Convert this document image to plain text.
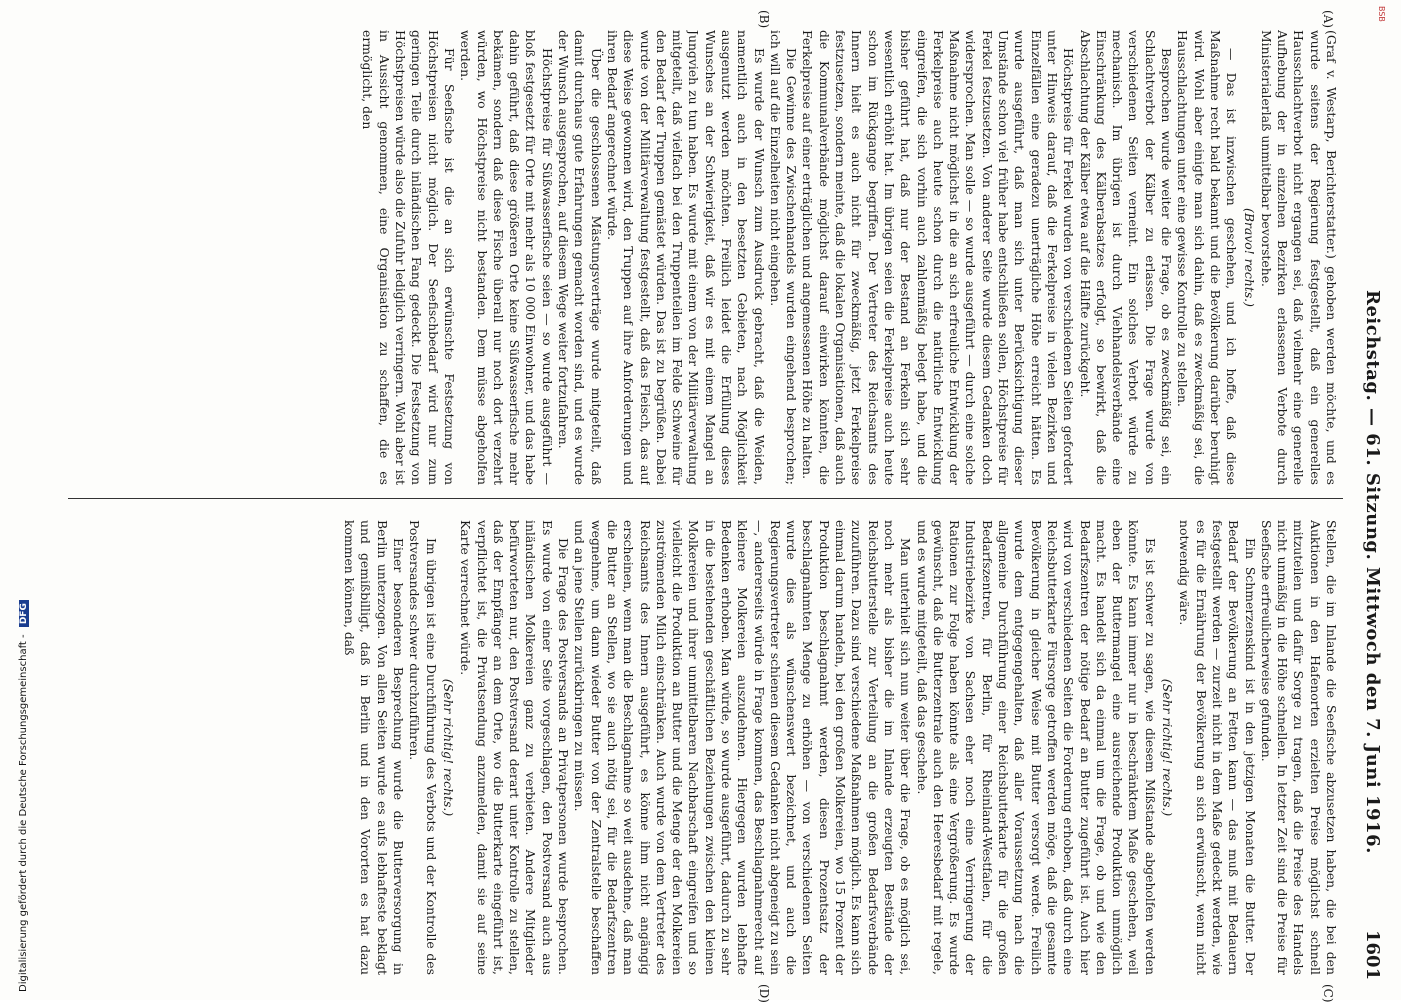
Reichstag. — 61. Sitzung. Mittwoch den 7. Juni 1916.
1601
(A)
(B)
(C)
(D)

(Graf v. Westarp, Berichterstatter.) gehoben werden möchte, und es wurde seitens der Regierung festgestellt, daß ein generelles Hausschlachtverbot nicht ergangen sei, daß vielmehr eine generelle Aufhebung der in einzelnen Bezirken erlassenen Verbote durch Ministerialerlaß unmittelbar bevorstehe.

(Bravo! rechts.)

— Das ist inzwischen geschehen, und ich hoffe, daß diese Maßnahme recht bald bekannt und die Bevölkerung darüber beruhigt wird. Wohl aber einigte man sich dahin, daß es zweckmäßig sei, die Hausschlachtungen unter eine gewisse Kontrolle zu stellen.

Besprochen wurde weiter die Frage, ob es zweckmäßig sei, ein Schlachtverbot der Kälber zu erlassen. Die Frage wurde von verschiedenen Seiten verneint. Ein solches Verbot würde zu mechanisch. Im übrigen ist durch Viehhandelsverbände eine Einschränkung des Kälberabsatzes erfolgt, so bewirkt, daß die Abschlachtung der Kälber etwa auf die Hälfte zurückgeht.

Höchstpreise für Ferkel wurden von verschiedenen Seiten gefordert unter Hinweis darauf, daß die Ferkelpreise in vielen Bezirken und Einzelfällen eine geradezu unerträgliche Höhe erreicht hätten. Es wurde ausgeführt, daß man sich unter Berücksichtigung dieser Umstände schon viel früher habe entschließen sollen, Höchstpreise für Ferkel festzusetzen. Von anderer Seite wurde diesem Gedanken doch widersprochen. Man solle — so wurde ausgeführt — durch eine solche Maßnahme nicht möglichst in die an sich erfreuliche Entwicklung der Ferkelpreise auch heute schon durch die natürliche Entwicklung eingreifen, die sich vorhin auch zahlenmäßig belegt habe, und die bisher geführt hat, daß nur der Bestand an Ferkeln sich sehr wesentlich erhöht hat. Im übrigen seien die Ferkelpreise auch heute schon im Rückgange begriffen. Der Vertreter des Reichsamts des Innern hielt es auch nicht für zweckmäßig, jetzt Ferkelpreise festzusetzen, sondern meinte, daß die lokalen Organisationen, daß auch die Kommunalverbände möglichst darauf einwirken könnten, die Ferkelpreise auf einer erträglichen und angemessenen Höhe zu halten.

Die Gewinne des Zwischenhandels wurden eingehend besprochen; ich will auf die Einzelheiten nicht eingehen.

Es wurde der Wunsch zum Ausdruck gebracht, daß die Weiden, namentlich auch in den besetzten Gebieten, nach Möglichkeit ausgenutzt werden möchten. Freilich leidet die Erfüllung dieses Wunsches an der Schwierigkeit, daß wir es mit einem Mangel an Jungvieh zu tun haben. Es wurde mit einem von der Militärverwaltung mitgeteilt, daß vielfach bei den Truppenteilen im Felde Schweine für den Bedarf der Truppen gemästet würden. Das ist zu begrüßen. Dabei wurde von der Militärverwaltung festgestellt, daß das Fleisch, das auf diese Weise gewonnen wird, den Truppen auf ihre Anforderungen und ihren Bedarf angerechnet würde.

Über die geschlossenen Mästungsverträge wurde mitgeteilt, daß damit durchaus gute Erfahrungen gemacht worden sind, und es wurde der Wunsch ausgesprochen, auf diesem Wege weiter fortzufahren.

Höchstpreise für Süßwasserfische seien — so wurde ausgeführt — bloß festgesetzt für Orte mit mehr als 10 000 Einwohner, und das habe dahin geführt, daß diese größeren Orte keine Süßwasserfische mehr bekämen, sondern daß diese Fische überall nur noch dort verzehrt würden, wo Höchstpreise nicht bestanden. Dem müsse abgeholfen werden.

Für Seefische ist die an sich erwünschte Festsetzung von Höchstpreisen nicht möglich. Der Seefischbedarf wird nur zum geringen Teile durch inländischen Fang gedeckt. Die Festsetzung von Höchstpreisen würde also die Zufuhr lediglich verringern. Wohl aber ist in Aussicht genommen, eine Organisation zu schaffen, die es ermöglicht, den

Stellen, die im Inlande die Seefische abzusetzen haben, die bei den Auktionen in den Hafenorten erzielten Preise möglichst schnell mitzuteilen und dafür Sorge zu tragen, daß die Preise des Handels nicht unmäßig in die Höhe schnellen. In letzter Zeit sind die Preise für Seefische erfreulicherweise gefunden.

Ein Schmerzenskind ist in den jetzigen Monaten die Butter. Der Bedarf der Bevölkerung an Fetten kann — das muß mit Bedauern festgestellt werden — zurzeit nicht in dem Maße gedeckt werden, wie es für die Ernährung der Bevölkerung an sich erwünscht, wenn nicht notwendig wäre.

(Sehr richtig! rechts.)

Es ist schwer zu sagen, wie diesem Mißstande abgeholfen werden könnte. Es kann immer nur in beschränktem Maße geschehen, weil eben der Buttermangel eine ausreichende Produktion unmöglich macht. Es handelt sich da einmal um die Frage, ob und wie den Bedarfszentren der nötige Bedarf an Butter zugeführt ist. Auch hier wird von verschiedenen Seiten die Forderung erhoben, daß durch eine Reichsbutterkarte Fürsorge getroffen werden möge, daß die gesamte Bevölkerung in gleicher Weise mit Butter versorgt werde. Freilich wurde dem entgegengehalten, daß aller Voraussetzung nach die allgemeine Durchführung einer Reichsbutterkarte für die großen Bedarfszentren, für Berlin, für Rheinland-Westfalen, für die Industriebezirke von Sachsen eher noch eine Verringerung der Rationen zur Folge haben könnte als eine Vergrößerung. Es wurde gewünscht, daß die Butterzentrale auch den Heeresbedarf mit regele, und es wurde mitgeteilt, daß das geschehe.

Man unterhielt sich nun weiter über die Frage, ob es möglich sei, noch mehr als bisher die im Inlande erzeugten Bestände der Reichsbutterstelle zur Verteilung an die großen Bedarfsverbände zuzuführen. Dazu sind verschiedene Maßnahmen möglich. Es kann sich einmal darum handeln, bei den großen Molkereien, wo 15 Prozent der Produktion beschlagnahmt werden, diesen Prozentsatz der beschlagnahmten Menge zu erhöhen — von verschiedenen Seiten wurde dies als wünschenswert bezeichnet, und auch die Regierungsvertreter schienen diesem Gedanken nicht abgeneigt zu sein —, andererseits würde in Frage kommen, das Beschlagnahmerecht auf kleinere Molkereien auszudehnen. Hiergegen wurden lebhafte Bedenken erhoben. Man würde, so wurde ausgeführt, dadurch zu sehr in die bestehenden geschäftlichen Beziehungen zwischen den kleinen Molkereien und ihrer unmittelbaren Nachbarschaft eingreifen und so vielleicht die Produktion an Butter und die Menge der den Molkereien zuströmenden Milch einschränken. Auch wurde von dem Vertreter des Reichsamts des Innern ausgeführt, es könne ihm nicht angängig erscheinen, wenn man die Beschlagnahme so weit ausdehne, daß man die Butter an Stellen, wo sie auch nötig sei, für die Bedarfszentren wegnehme, um dann wieder Butter von der Zentralstelle beschaffen und an jene Stellen zurückbringen zu müssen.

Die Frage des Postversands an Privatpersonen wurde besprochen. Es wurde von einer Seite vorgeschlagen, den Postversand auch aus inländischen Molkereien ganz zu verbieten. Andere Mitglieder befürworteten nur, den Postversand derart unter Kontrolle zu stellen, daß der Empfänger an dem Orte, wo die Butterkarte eingeführt ist, verpflichtet ist, die Privatsendung anzumelden, damit sie auf seine Karte verrechnet würde.

(Sehr richtig! rechts.)

Im übrigen ist eine Durchführung des Verbots und der Kontrolle des Postversandes schwer durchzuführen.

Einer besonderen Besprechung wurde die Butterversorgung in Berlin unterzogen. Von allen Seiten wurde es aufs lebhafteste beklagt und gemißbilligt, daß in Berlin und in den Vororten es hat dazu kommen können, daß

BSB
Digitalisierung gefördert durch die Deutsche Forschungsgemeinschaft - DFG
